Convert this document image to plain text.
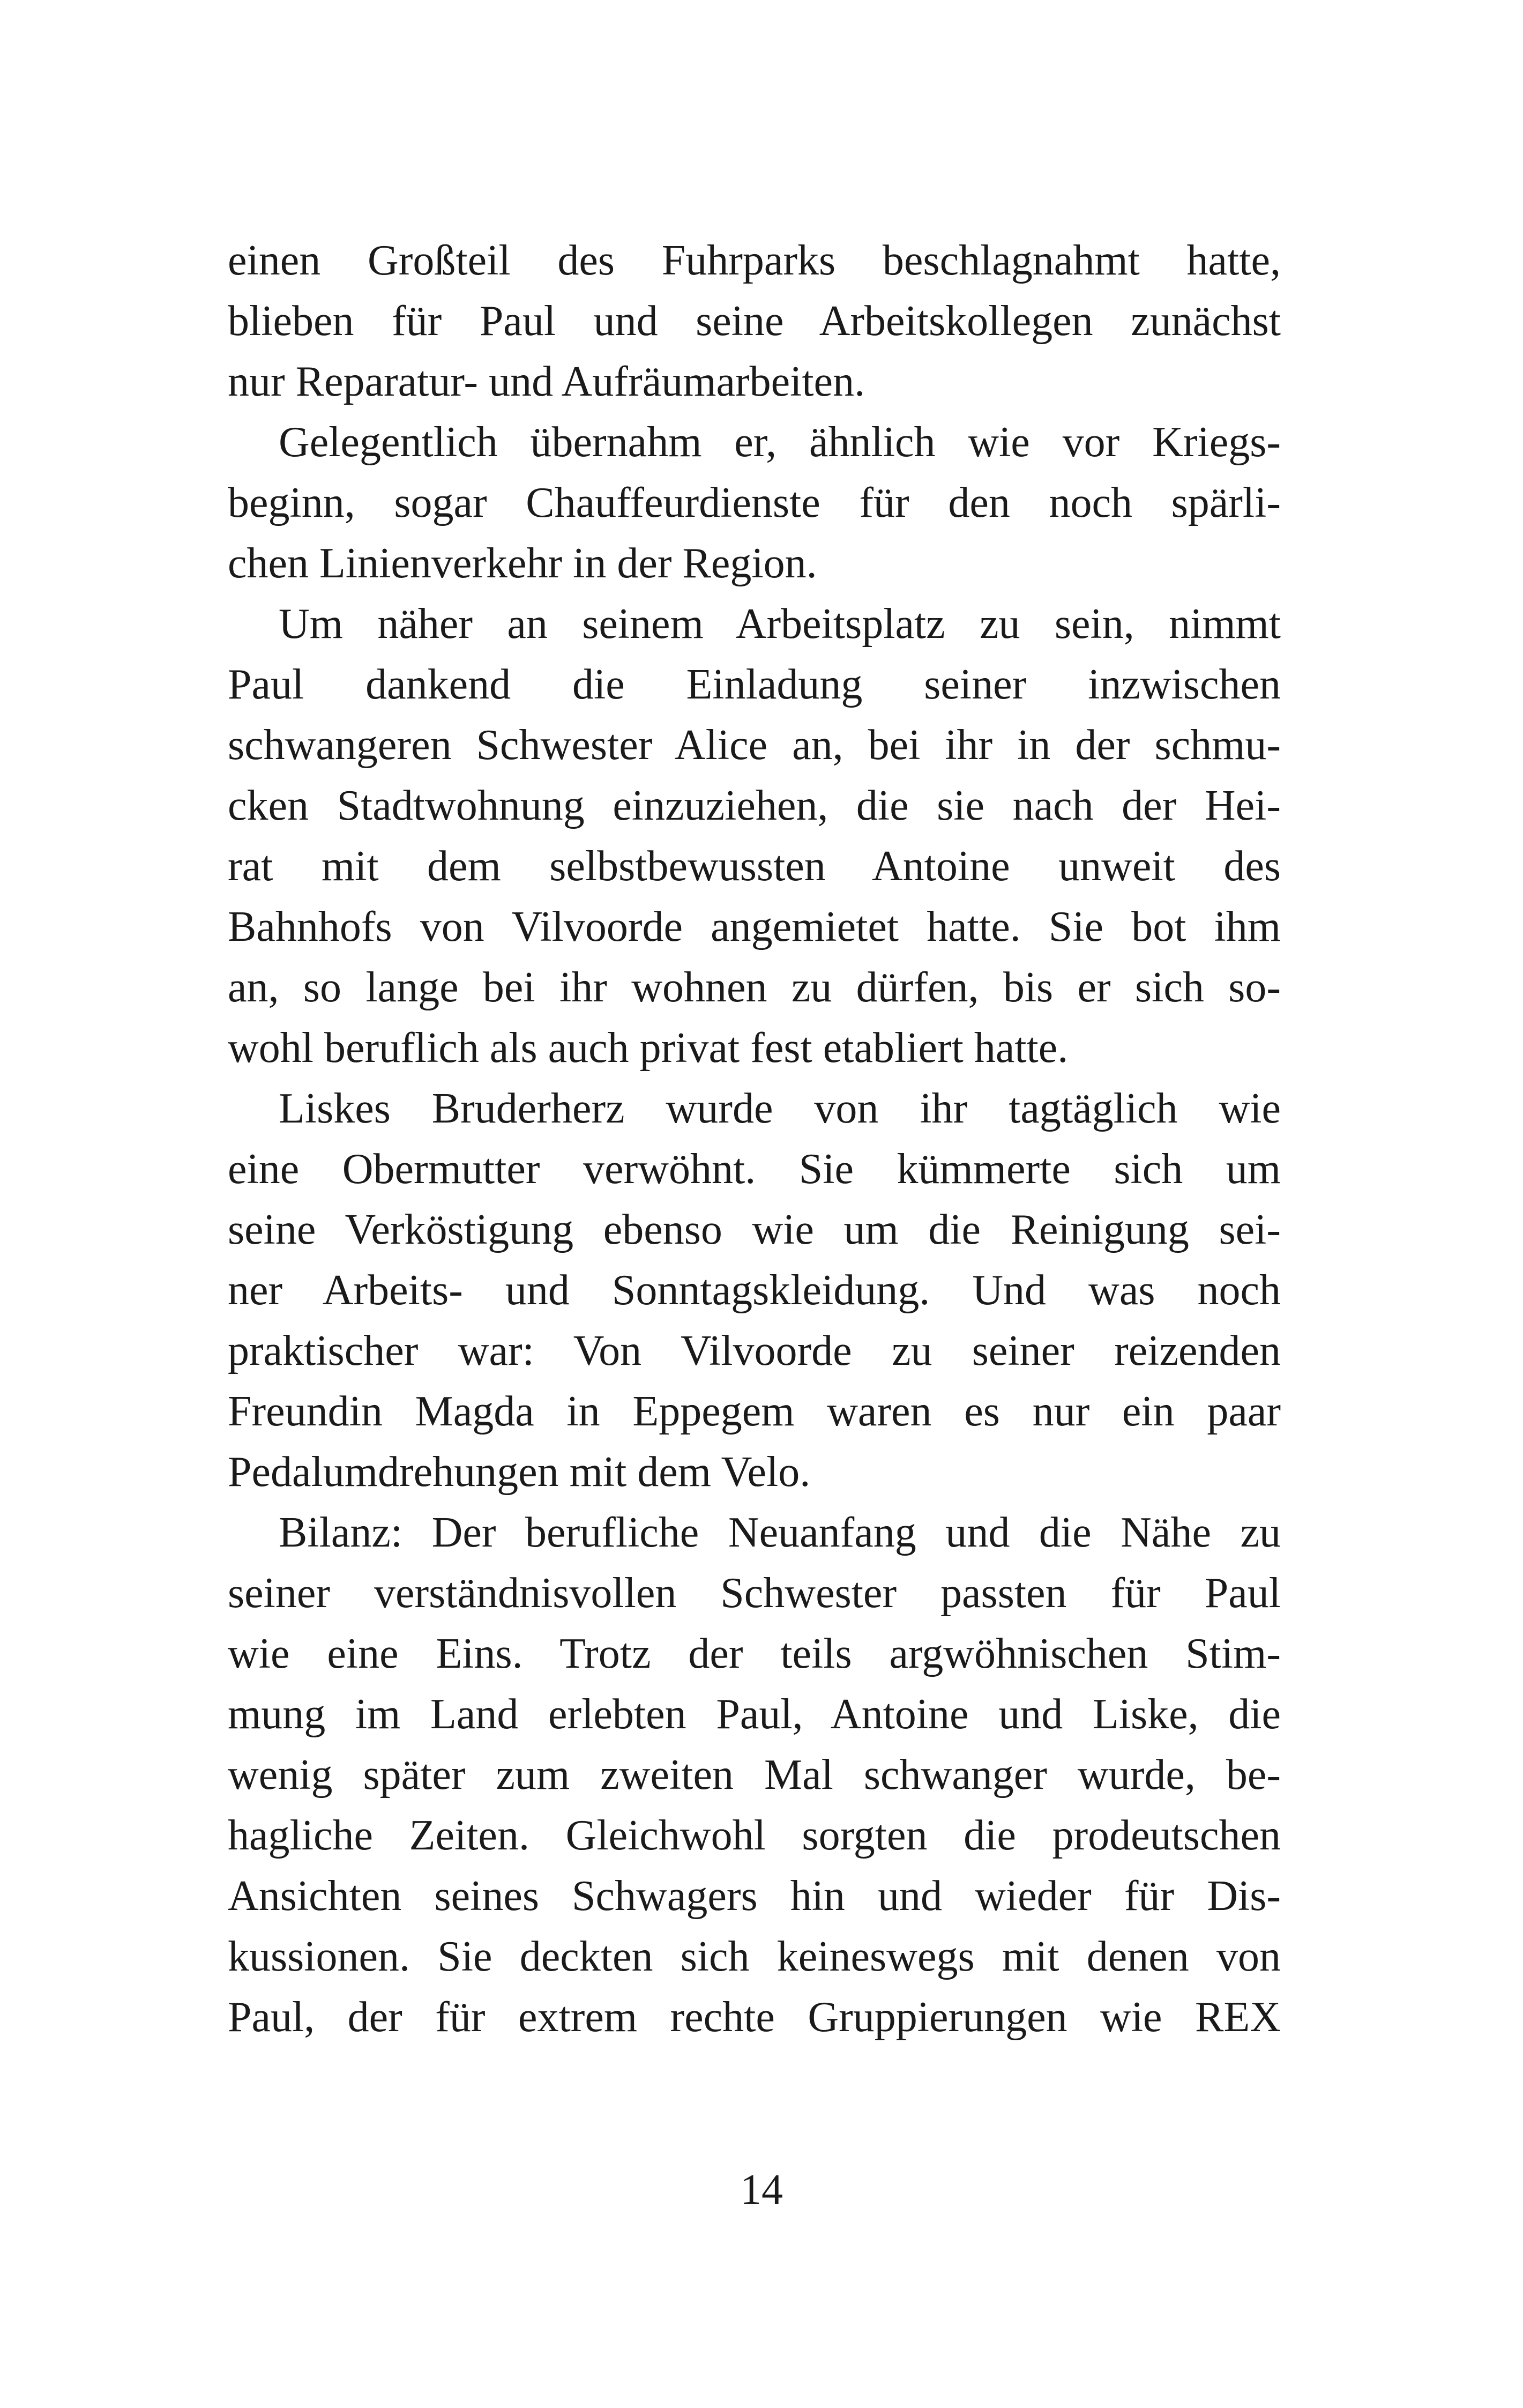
einen Großteil des Fuhrparks beschlagnahmt hatte,
blieben für Paul und seine Arbeitskollegen zunächst
nur Reparatur- und Aufräumarbeiten.
Gelegentlich übernahm er, ähnlich wie vor Kriegs-
beginn, sogar Chauffeurdienste für den noch spärli-
chen Linienverkehr in der Region.
Um näher an seinem Arbeitsplatz zu sein, nimmt
Paul dankend die Einladung seiner inzwischen
schwangeren Schwester Alice an, bei ihr in der schmu-
cken Stadtwohnung einzuziehen, die sie nach der Hei-
rat mit dem selbstbewussten Antoine unweit des
Bahnhofs von Vilvoorde angemietet hatte. Sie bot ihm
an, so lange bei ihr wohnen zu dürfen, bis er sich so-
wohl beruflich als auch privat fest etabliert hatte.
Liskes Bruderherz wurde von ihr tagtäglich wie
eine Obermutter verwöhnt. Sie kümmerte sich um
seine Verköstigung ebenso wie um die Reinigung sei-
ner Arbeits- und Sonntagskleidung. Und was noch
praktischer war: Von Vilvoorde zu seiner reizenden
Freundin Magda in Eppegem waren es nur ein paar
Pedalumdrehungen mit dem Velo.
Bilanz: Der berufliche Neuanfang und die Nähe zu
seiner verständnisvollen Schwester passten für Paul
wie eine Eins. Trotz der teils argwöhnischen Stim-
mung im Land erlebten Paul, Antoine und Liske, die
wenig später zum zweiten Mal schwanger wurde, be-
hagliche Zeiten. Gleichwohl sorgten die prodeutschen
Ansichten seines Schwagers hin und wieder für Dis-
kussionen. Sie deckten sich keineswegs mit denen von
Paul, der für extrem rechte Gruppierungen wie REX
14
